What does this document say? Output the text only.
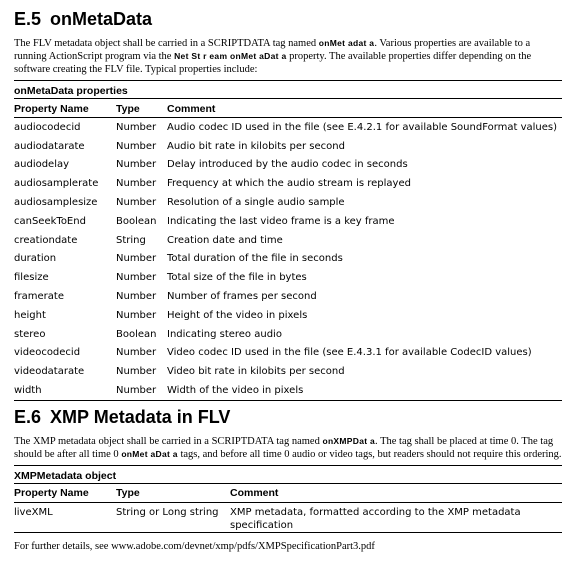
E.5 onMetaData

The FLV metadata object shall be carried in a SCRIPTDATA tag named onMet adat a. Various properties are available to a running ActionScript program via the Net St r eam onMet aDat a property. The available properties differ depending on the software creating the FLV file. Typical properties include:

onMetaData properties
Property Name	Type	Comment
audiocodecid	Number	Audio codec ID used in the file (see E.4.2.1 for available SoundFormat values)
audiodatarate	Number	Audio bit rate in kilobits per second
audiodelay	Number	Delay introduced by the audio codec in seconds
audiosamplerate	Number	Frequency at which the audio stream is replayed
audiosamplesize	Number	Resolution of a single audio sample
canSeekToEnd	Boolean	Indicating the last video frame is a key frame
creationdate	String	Creation date and time
duration	Number	Total duration of the file in seconds
filesize	Number	Total size of the file in bytes
framerate	Number	Number of frames per second
height	Number	Height of the video in pixels
stereo	Boolean	Indicating stereo audio
videocodecid	Number	Video codec ID used in the file (see E.4.3.1 for available CodecID values)
videodatarate	Number	Video bit rate in kilobits per second
width	Number	Width of the video in pixels
E.6 XMP Metadata in FLV

The XMP metadata object shall be carried in a SCRIPTDATA tag named onXMPDat a. The tag shall be placed at time 0. The tag should be after all time 0 onMet aDat a tags, and before all time 0 audio or video tags, but readers should not require this ordering.

XMPMetadata object
Property Name	Type	Comment
liveXML	String or Long string	XMP metadata, formatted according to the XMP metadata specification
For further details, see www.adobe.com/devnet/xmp/pdfs/XMPSpecificationPart3.pdf
